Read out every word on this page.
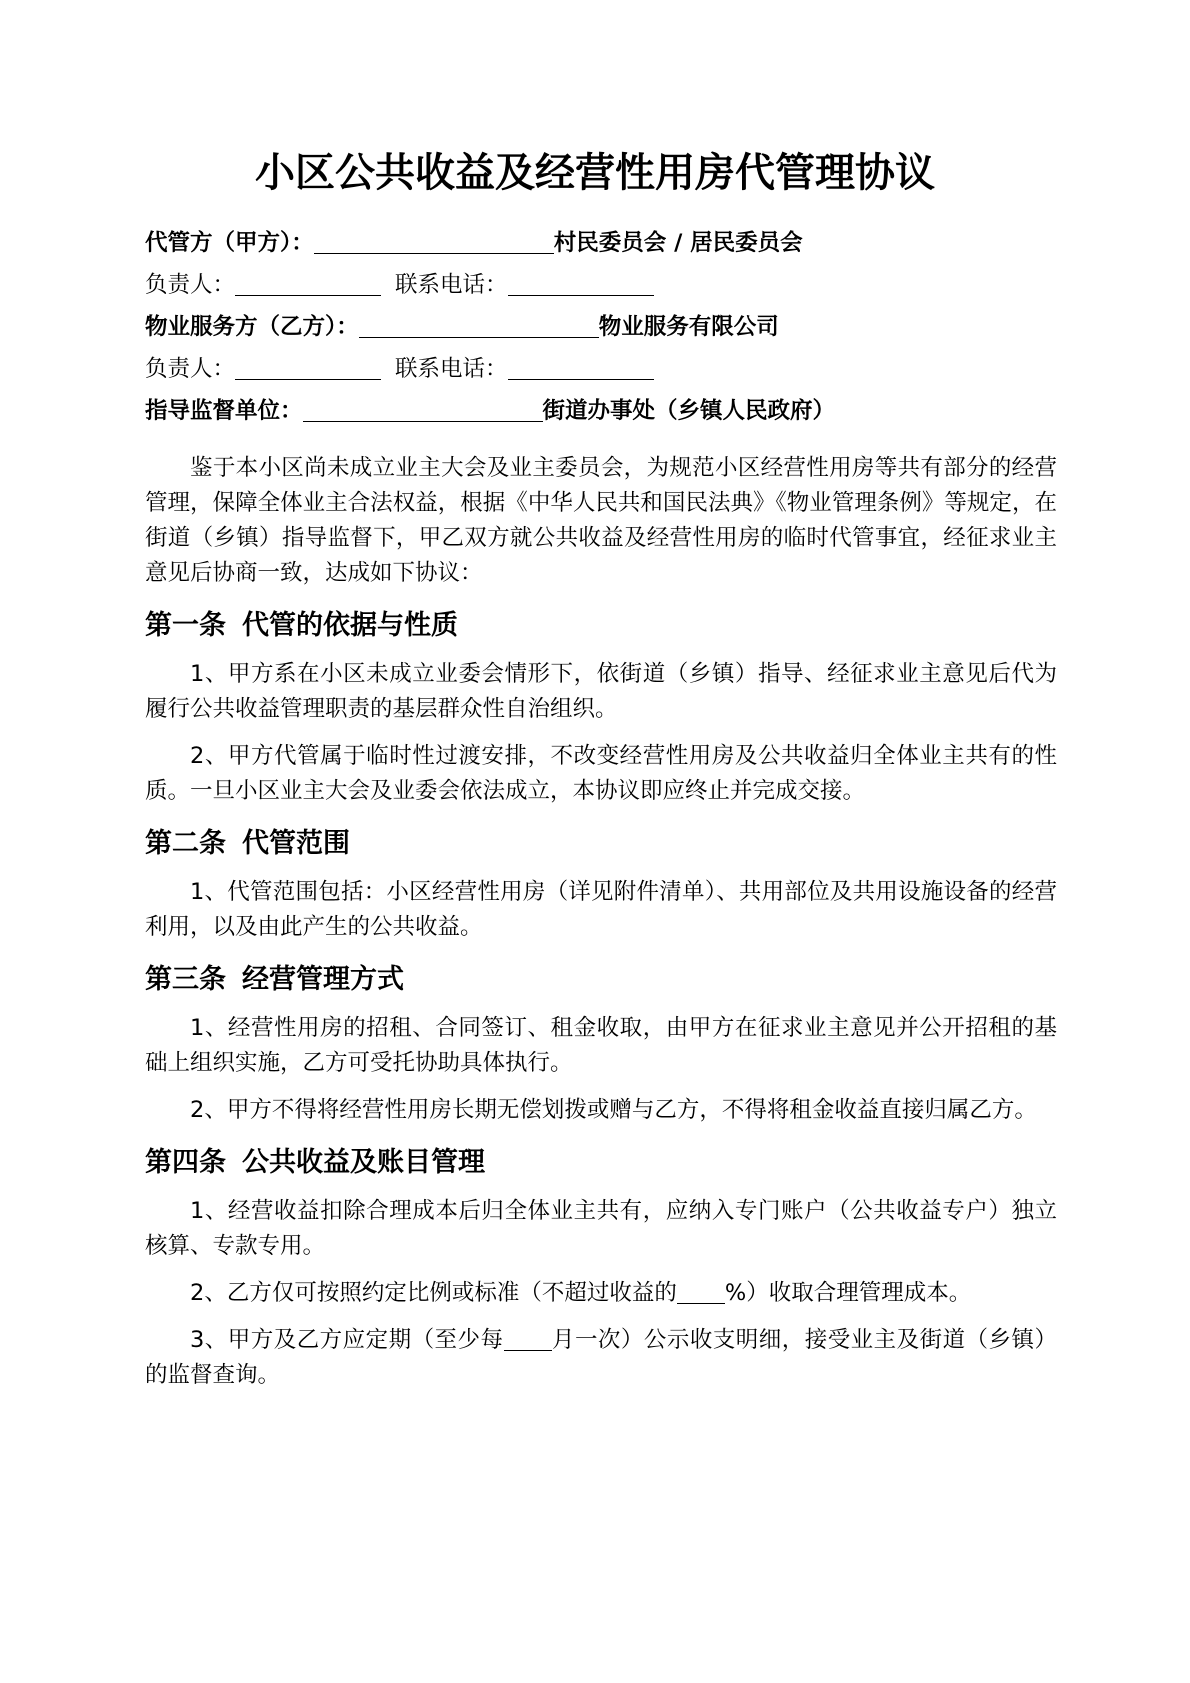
小区公共收益及经营性用房代管理协议
代管方（甲方）：	村民委员会 / 居民委员会
负责人：	联系电话：
物业服务方（乙方）：	物业服务有限公司
负责人：	联系电话：
指导监督单位：	街道办事处（乡镇人民政府）

鉴于本小区尚未成立业主大会及业主委员会，为规范小区经营性用房等共有部分的经营管理，保障全体业主合法权益，根据《中华人民共和国民法典》《物业管理条例》等规定，在街道（乡镇）指导监督下，甲乙双方就公共收益及经营性用房的临时代管事宜，经征求业主意见后协商一致，达成如下协议：

第一条 代管的依据与性质

1、甲方系在小区未成立业委会情形下，依街道（乡镇）指导、经征求业主意见后代为履行公共收益管理职责的基层群众性自治组织。

2、甲方代管属于临时性过渡安排，不改变经营性用房及公共收益归全体业主共有的性质。一旦小区业主大会及业委会依法成立，本协议即应终止并完成交接。

第二条 代管范围

1、代管范围包括：小区经营性用房（详见附件清单）、共用部位及共用设施设备的经营利用，以及由此产生的公共收益。

第三条 经营管理方式

1、经营性用房的招租、合同签订、租金收取，由甲方在征求业主意见并公开招租的基础上组织实施，乙方可受托协助具体执行。

2、甲方不得将经营性用房长期无偿划拨或赠与乙方，不得将租金收益直接归属乙方。

第四条 公共收益及账目管理

1、经营收益扣除合理成本后归全体业主共有，应纳入专门账户（公共收益专户）独立核算、专款专用。

2、乙方仅可按照约定比例或标准（不超过收益的 %）收取合理管理成本。

3、甲方及乙方应定期（至少每 月一次）公示收支明细，接受业主及街道（乡镇）的监督查询。
